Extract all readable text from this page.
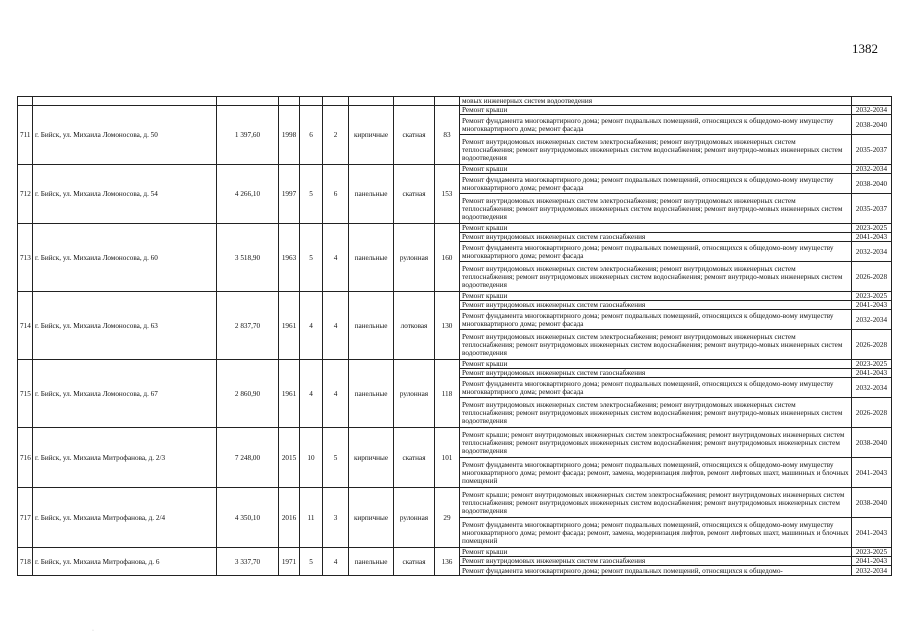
1382
									мовых инженерных систем водоотведения	
711	г. Бийск, ул. Михаила Ломоносова, д. 50	1 397,60	1998	6	2	кирпичные	скатная	83	Ремонт крыши	2032-2034
									Ремонт фундамента многоквартирного дома; ремонт подвальных помещений, относящихся к общедомо-вому имуществу многоквартирного дома; ремонт фасада	2038-2040
									Ремонт внутридомовых инженерных систем электроснабжения; ремонт внутридомовых инженерных систем теплоснабжения; ремонт внутридомовых инженерных систем водоснабжения; ремонт внутридо-мовых инженерных систем водоотведения	2035-2037
712	г. Бийск, ул. Михаила Ломоносова, д. 54	4 266,10	1997	5	6	панельные	скатная	153	Ремонт крыши	2032-2034
									Ремонт фундамента многоквартирного дома; ремонт подвальных помещений, относящихся к общедомо-вому имуществу многоквартирного дома; ремонт фасада	2038-2040
									Ремонт внутридомовых инженерных систем электроснабжения; ремонт внутридомовых инженерных систем теплоснабжения; ремонт внутридомовых инженерных систем водоснабжения; ремонт внутридо-мовых инженерных систем водоотведения	2035-2037
713	г. Бийск, ул. Михаила Ломоносова, д. 60	3 518,90	1963	5	4	панельные	рулонная	160	Ремонт крыши	2023-2025
									Ремонт внутридомовых инженерных систем газоснабжения	2041-2043
									Ремонт фундамента многоквартирного дома; ремонт подвальных помещений, относящихся к общедомо-вому имуществу многоквартирного дома; ремонт фасада	2032-2034
									Ремонт внутридомовых инженерных систем электроснабжения; ремонт внутридомовых инженерных систем теплоснабжения; ремонт внутридомовых инженерных систем водоснабжения; ремонт внутридо-мовых инженерных систем водоотведения	2026-2028
714	г. Бийск, ул. Михаила Ломоносова, д. 63	2 837,70	1961	4	4	панельные	лотковая	130	Ремонт крыши	2023-2025
									Ремонт внутридомовых инженерных систем газоснабжения	2041-2043
									Ремонт фундамента многоквартирного дома; ремонт подвальных помещений, относящихся к общедомо-вому имуществу многоквартирного дома; ремонт фасада	2032-2034
									Ремонт внутридомовых инженерных систем электроснабжения; ремонт внутридомовых инженерных систем теплоснабжения; ремонт внутридомовых инженерных систем водоснабжения; ремонт внутридо-мовых инженерных систем водоотведения	2026-2028
715	г. Бийск, ул. Михаила Ломоносова, д. 67	2 860,90	1961	4	4	панельные	рулонная	118	Ремонт крыши	2023-2025
									Ремонт внутридомовых инженерных систем газоснабжения	2041-2043
									Ремонт фундамента многоквартирного дома; ремонт подвальных помещений, относящихся к общедомо-вому имуществу многоквартирного дома; ремонт фасада	2032-2034
									Ремонт внутридомовых инженерных систем электроснабжения; ремонт внутридомовых инженерных систем теплоснабжения; ремонт внутридомовых инженерных систем водоснабжения; ремонт внутридо-мовых инженерных систем водоотведения	2026-2028
716	г. Бийск, ул. Михаила Митрофанова, д. 2/3	7 248,00	2015	10	5	кирпичные	скатная	101	Ремонт крыши; ремонт внутридомовых инженерных систем электроснабжения; ремонт внутридомовых инженерных систем теплоснабжения; ремонт внутридомовых инженерных систем водоснабжения; ремонт внутридомовых инженерных систем водоотведения	2038-2040
									Ремонт фундамента многоквартирного дома; ремонт подвальных помещений, относящихся к общедомо-вому имуществу многоквартирного дома; ремонт фасада; ремонт, замена, модернизация лифтов, ремонт лифтовых шахт, машинных и блочных помещений	2041-2043
717	г. Бийск, ул. Михаила Митрофанова, д. 2/4	4 350,10	2016	11	3	кирпичные	рулонная	29	Ремонт крыши; ремонт внутридомовых инженерных систем электроснабжения; ремонт внутридомовых инженерных систем теплоснабжения; ремонт внутридомовых инженерных систем водоснабжения; ремонт внутридомовых инженерных систем водоотведения	2038-2040
									Ремонт фундамента многоквартирного дома; ремонт подвальных помещений, относящихся к общедомо-вому имуществу многоквартирного дома; ремонт фасада; ремонт, замена, модернизация лифтов, ремонт лифтовых шахт, машинных и блочных помещений	2041-2043
718	г. Бийск, ул. Михаила Митрофанова, д. 6	3 337,70	1971	5	4	панельные	скатная	136	Ремонт крыши	2023-2025
									Ремонт внутридомовых инженерных систем газоснабжения	2041-2043
									Ремонт фундамента многоквартирного дома; ремонт подвальных помещений, относящихся к общедомо-	2032-2034
·
